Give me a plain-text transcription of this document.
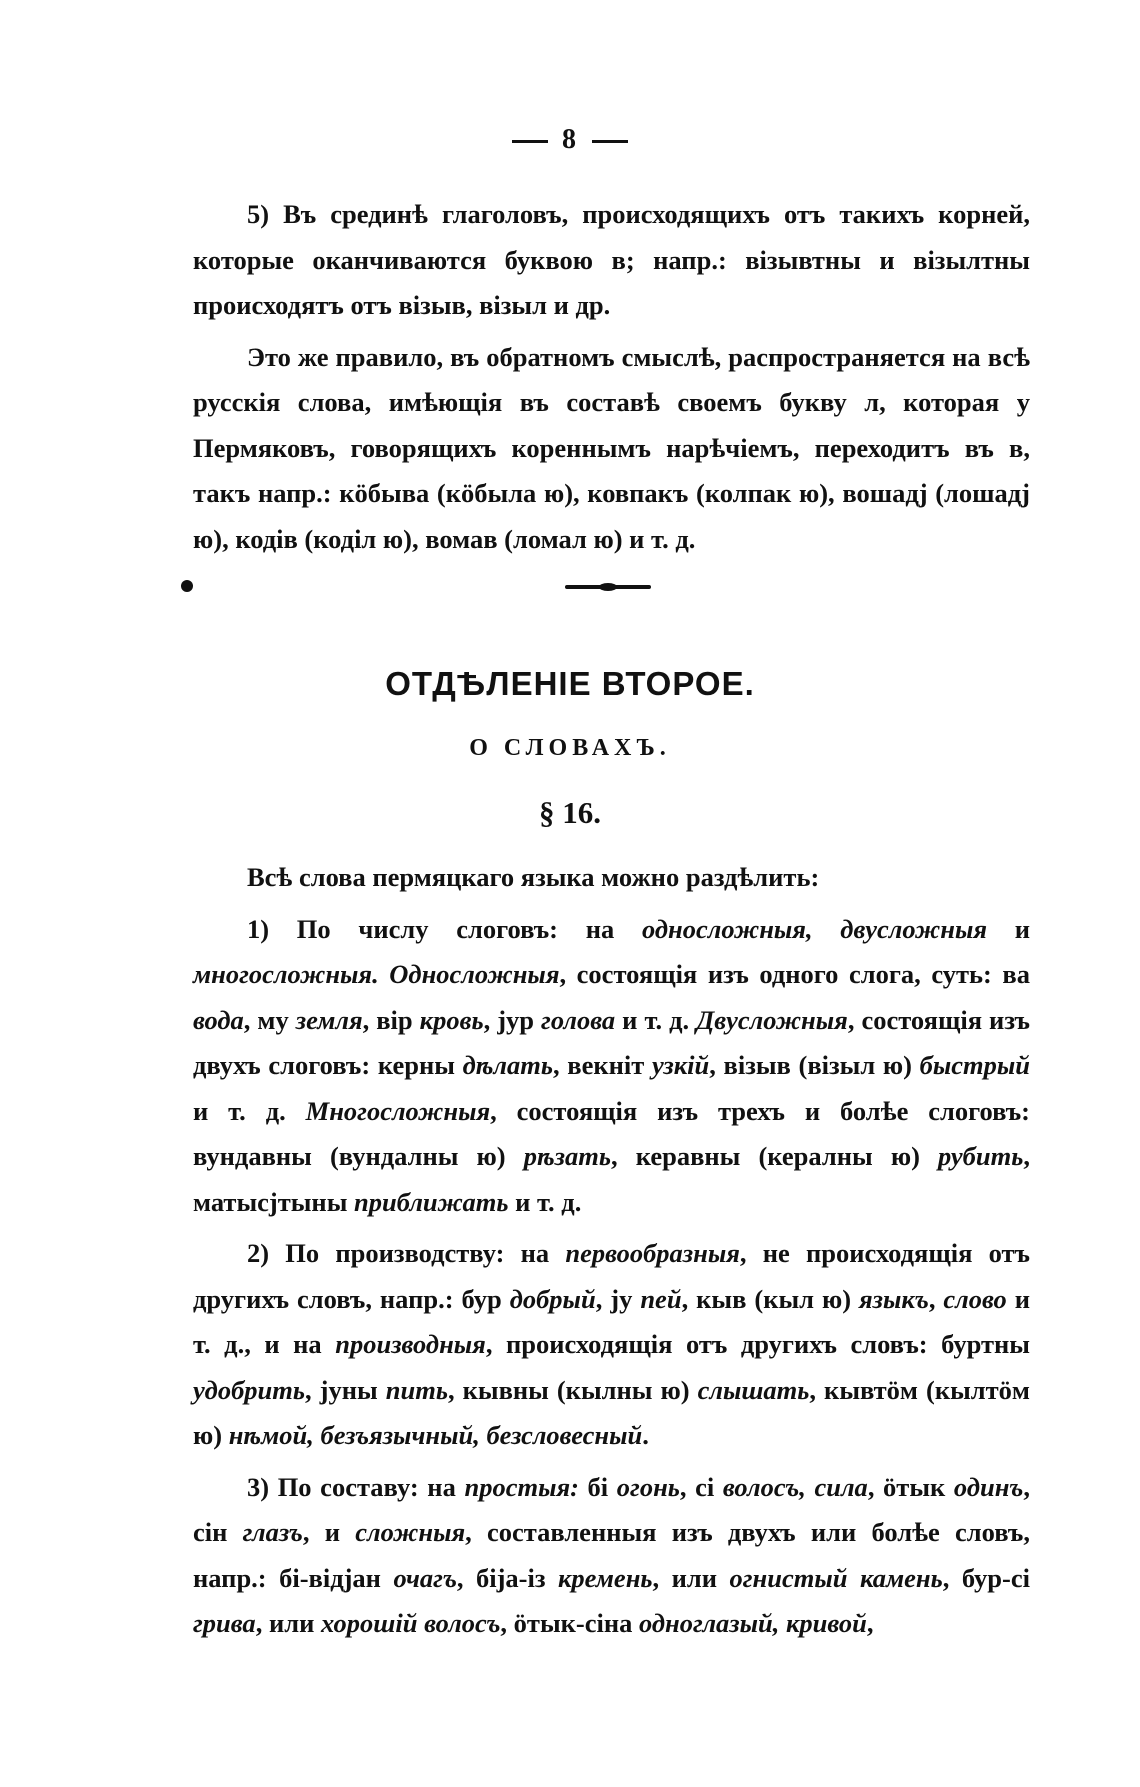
8

5) Въ срединѣ глаголовъ, происходящихъ отъ такихъ корней, которые оканчиваются буквою в; напр.: візывтны и візылтны происходятъ отъ візыв, візыл и др.

Это же правило, въ обратномъ смыслѣ, распространяется на всѣ русскія слова, имѣющія въ составѣ своемъ букву л, которая у Пермяковъ, говорящихъ кореннымъ нарѣчіемъ, переходитъ въ в, такъ напр.: кöбыва (кöбыла ю), ковпакъ (колпак ю), вошадј (лошадј ю), кодів (коділ ю), вомав (ломал ю) и т. д.

ОТДѢЛЕНІЕ ВТОРОЕ.
О СЛОВАХЪ.
§ 16.

Всѣ слова пермяцкаго языка можно раздѣлить:

1) По числу слоговъ: на односложныя, двусложныя и многосложныя. Односложныя, состоящія изъ одного слога, суть: ва вода, му земля, вір кровь, јур голова и т. д. Двусложныя, состоящія изъ двухъ слоговъ: керны дѣлать, векніт узкій, візыв (візыл ю) быстрый и т. д. Многосложныя, состоящія изъ трехъ и болѣе слоговъ: вундавны (вундалны ю) рѣзать, керавны (кералны ю) рубить, матысјтыны приближать и т. д.

2) По производству: на первообразныя, не происходящія отъ другихъ словъ, напр.: бур добрый, ју пей, кыв (кыл ю) языкъ, слово и т. д., и на производныя, происходящія отъ другихъ словъ: буртны удобрить, јуны пить, кывны (кылны ю) слышать, кывтöм (кылтöм ю) нѣмой, безъязычный, безсловесный.

3) По составу: на простыя: бі огонь, сі волосъ, сила, öтык одинъ, сін глазъ, и сложныя, составленныя изъ двухъ или болѣе словъ, напр.: бі-відјан очагъ, біја-із кремень, или огнистый камень, бур-сі грива, или хорошій волосъ, öтык-сіна одноглазый, кривой,
